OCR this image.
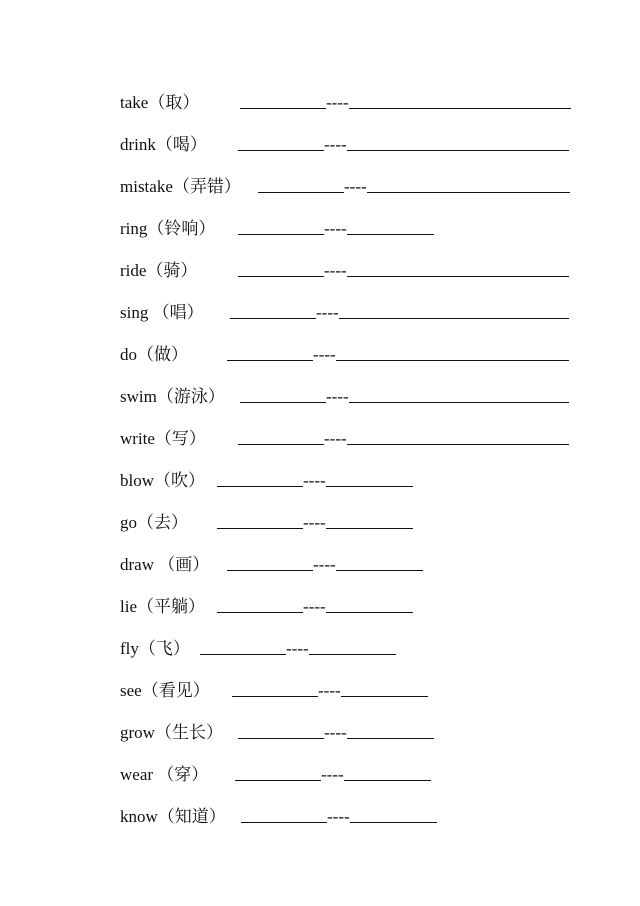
take（取）	----
drink（喝）	----
mistake（弄错）	----
ring（铃响）	----
ride（骑）	----
sing （唱）	----
do（做）	----
swim（游泳）	----
write（写）	----
blow（吹）	----
go（去）	----
draw （画）	----
lie（平躺）	----
fly（飞）	----
see（看见）	----
grow（生长）	----
wear （穿）	----
know（知道）	----
